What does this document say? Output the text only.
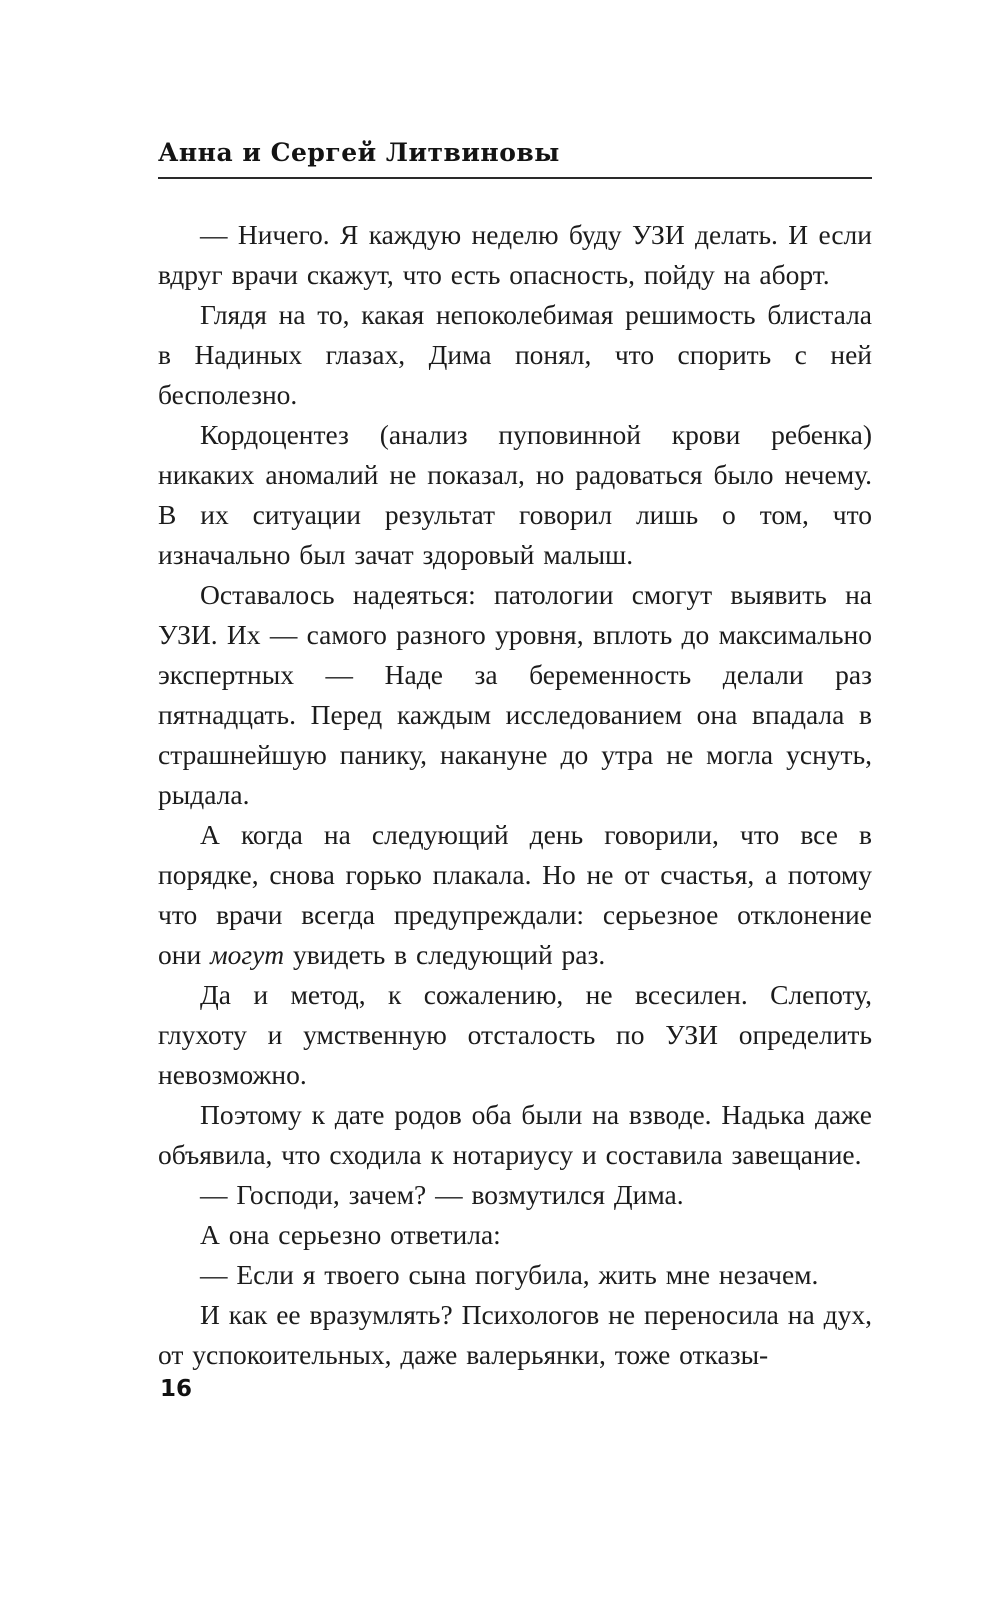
Анна и Сергей Литвиновы

— Ничего. Я каждую неделю буду УЗИ делать. И если вдруг врачи скажут, что есть опасность, пойду на аборт.

Глядя на то, какая непоколебимая решимость блистала в Надиных глазах, Дима понял, что спорить с ней бесполезно.

Кордоцентез (анализ пуповинной крови ребенка) никаких аномалий не показал, но радоваться было нечему. В их ситуации результат говорил лишь о том, что изначально был зачат здоровый малыш.

Оставалось надеяться: патологии смогут выявить на УЗИ. Их — самого разного уровня, вплоть до максимально экспертных — Наде за беременность делали раз пятнадцать. Перед каждым исследованием она впадала в страшнейшую панику, накануне до утра не могла уснуть, рыдала.

А когда на следующий день говорили, что все в порядке, снова горько плакала. Но не от счастья, а потому что врачи всегда предупреждали: серьезное отклонение они могут увидеть в следующий раз.

Да и метод, к сожалению, не всесилен. Слепоту, глухоту и умственную отсталость по УЗИ определить невозможно.

Поэтому к дате родов оба были на взводе. Надька даже объявила, что сходила к нотариусу и составила завещание.

— Господи, зачем? — возмутился Дима.

А она серьезно ответила:

— Если я твоего сына погубила, жить мне незачем.

И как ее вразумлять? Психологов не переносила на дух, от успокоительных, даже валерьянки, тоже отказы-

16
